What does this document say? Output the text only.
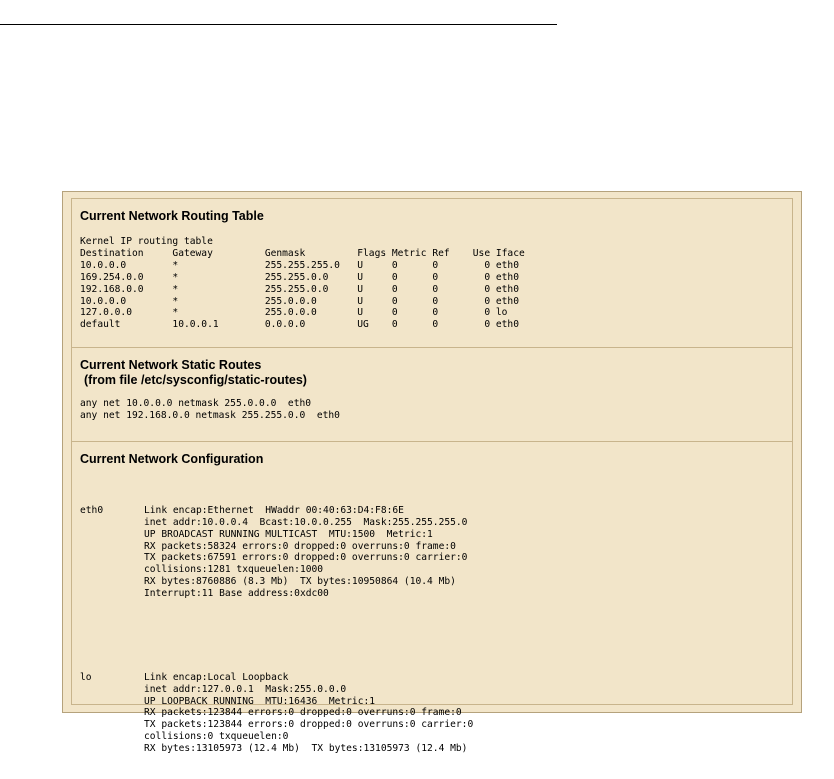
Current Network Routing Table
Kernel IP routing table
Destination     Gateway         Genmask         Flags Metric Ref    Use Iface
10.0.0.0        *               255.255.255.0   U     0      0        0 eth0
169.254.0.0     *               255.255.0.0     U     0      0        0 eth0
192.168.0.0     *               255.255.0.0     U     0      0        0 eth0
10.0.0.0        *               255.0.0.0       U     0      0        0 eth0
127.0.0.0       *               255.0.0.0       U     0      0        0 lo
default         10.0.0.1        0.0.0.0         UG    0      0        0 eth0
Current Network Static Routes
(from file /etc/sysconfig/static-routes)
any net 10.0.0.0 netmask 255.0.0.0  eth0
any net 192.168.0.0 netmask 255.255.0.0  eth0
Current Network Configuration

eth0	Link encap:Ethernet  HWaddr 00:40:63:D4:F8:6E
inet addr:10.0.0.4  Bcast:10.0.0.255  Mask:255.255.255.0
UP BROADCAST RUNNING MULTICAST  MTU:1500  Metric:1
RX packets:58324 errors:0 dropped:0 overruns:0 frame:0
TX packets:67591 errors:0 dropped:0 overruns:0 carrier:0
collisions:1281 txqueuelen:1000
RX bytes:8760886 (8.3 Mb)  TX bytes:10950864 (10.4 Mb)
Interrupt:11 Base address:0xdc00

lo	Link encap:Local Loopback
inet addr:127.0.0.1  Mask:255.0.0.0
UP LOOPBACK RUNNING  MTU:16436  Metric:1
RX packets:123844 errors:0 dropped:0 overruns:0 frame:0
TX packets:123844 errors:0 dropped:0 overruns:0 carrier:0
collisions:0 txqueuelen:0
RX bytes:13105973 (12.4 Mb)  TX bytes:13105973 (12.4 Mb)
